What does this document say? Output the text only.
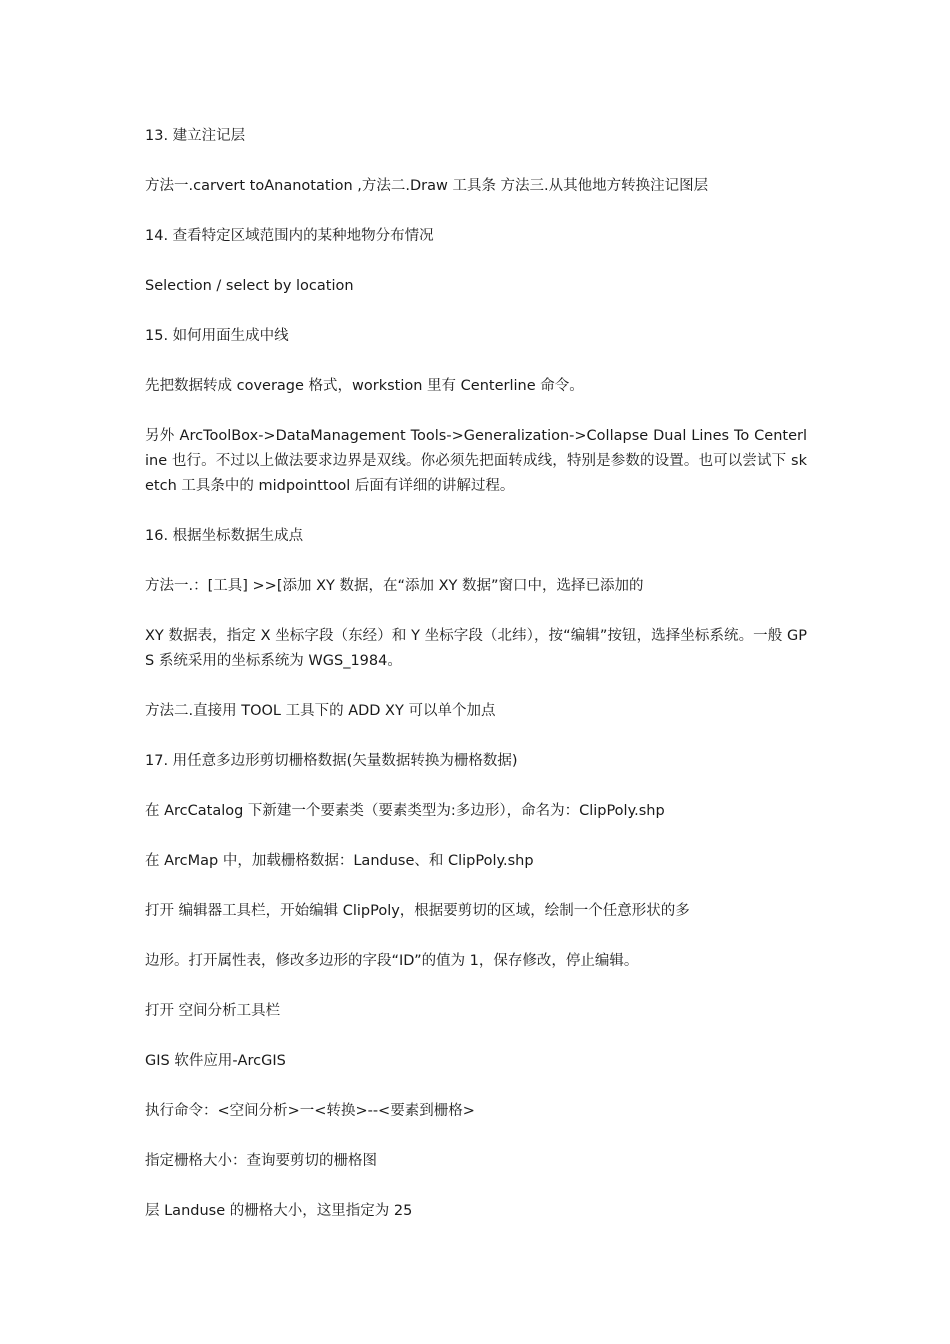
13. 建立注记层

方法一.carvert toAnanotation ,方法二.Draw 工具条 方法三.从其他地方转换注记图层

14. 查看特定区域范围内的某种地物分布情况

Selection / select by location

15. 如何用面生成中线

先把数据转成 coverage 格式，workstion 里有 Centerline 命令。

另外 ArcToolBox->DataManagement Tools->Generalization->Collapse Dual Lines To Centerline 也行。不过以上做法要求边界是双线。你必须先把面转成线，特别是参数的设置。也可以尝试下 sketch 工具条中的 midpointtool 后面有详细的讲解过程。

16. 根据坐标数据生成点

方法一.：[工具] >>[添加 XY 数据，在“添加 XY 数据”窗口中，选择已添加的

XY 数据表，指定 X 坐标字段（东经）和 Y 坐标字段（北纬），按“编辑”按钮，选择坐标系统。一般 GPS 系统采用的坐标系统为 WGS_1984。

方法二.直接用 TOOL 工具下的 ADD XY 可以单个加点

17. 用任意多边形剪切栅格数据(矢量数据转换为栅格数据)

在 ArcCatalog 下新建一个要素类（要素类型为:多边形），命名为：ClipPoly.shp

在 ArcMap 中，加载栅格数据：Landuse、和 ClipPoly.shp

打开 编辑器工具栏，开始编辑 ClipPoly，根据要剪切的区域，绘制一个任意形状的多

边形。打开属性表，修改多边形的字段“ID”的值为 1，保存修改，停止编辑。

打开 空间分析工具栏

GIS 软件应用-ArcGIS

执行命令：<空间分析>一<转换>--<要素到栅格>

指定栅格大小：查询要剪切的栅格图

层 Landuse 的栅格大小，这里指定为 25
